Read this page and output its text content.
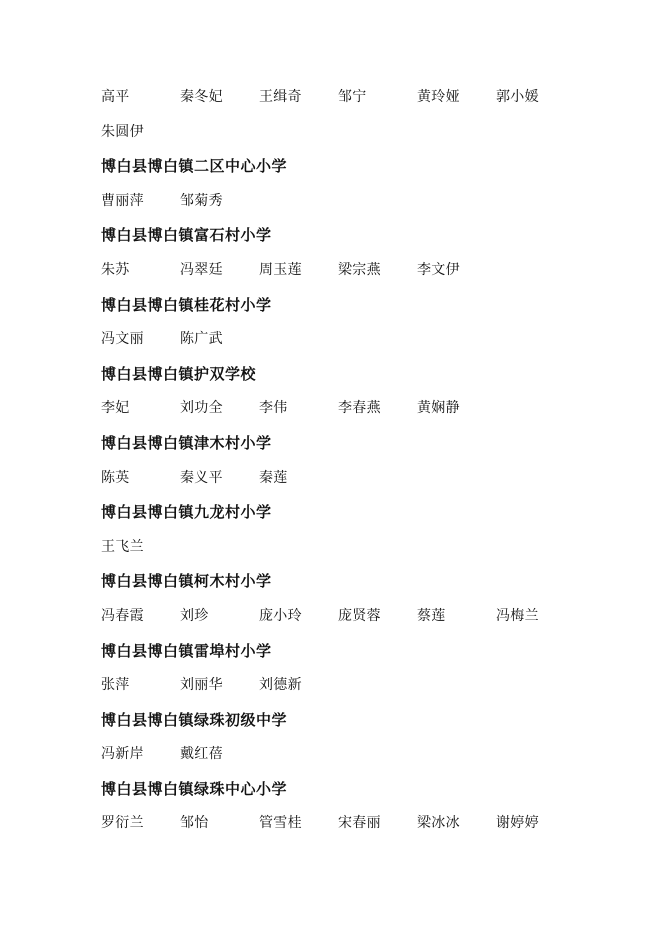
高平	秦冬妃	王缉奇	邹宁	黄玲娅	郭小媛
朱圆伊
博白县博白镇二区中心小学
曹丽萍	邹菊秀
博白县博白镇富石村小学
朱苏	冯翠廷	周玉莲	梁宗燕	李文伊
博白县博白镇桂花村小学
冯文丽	陈广武
博白县博白镇护双学校
李妃	刘功全	李伟	李春燕	黄娴静
博白县博白镇津木村小学
陈英	秦义平	秦莲
博白县博白镇九龙村小学
王飞兰
博白县博白镇柯木村小学
冯春霞	刘珍	庞小玲	庞贤蓉	蔡莲	冯梅兰
博白县博白镇雷埠村小学
张萍	刘丽华	刘德新
博白县博白镇绿珠初级中学
冯新岸	戴红蓓
博白县博白镇绿珠中心小学
罗衍兰	邹怡	管雪桂	宋春丽	梁冰冰	谢婷婷
